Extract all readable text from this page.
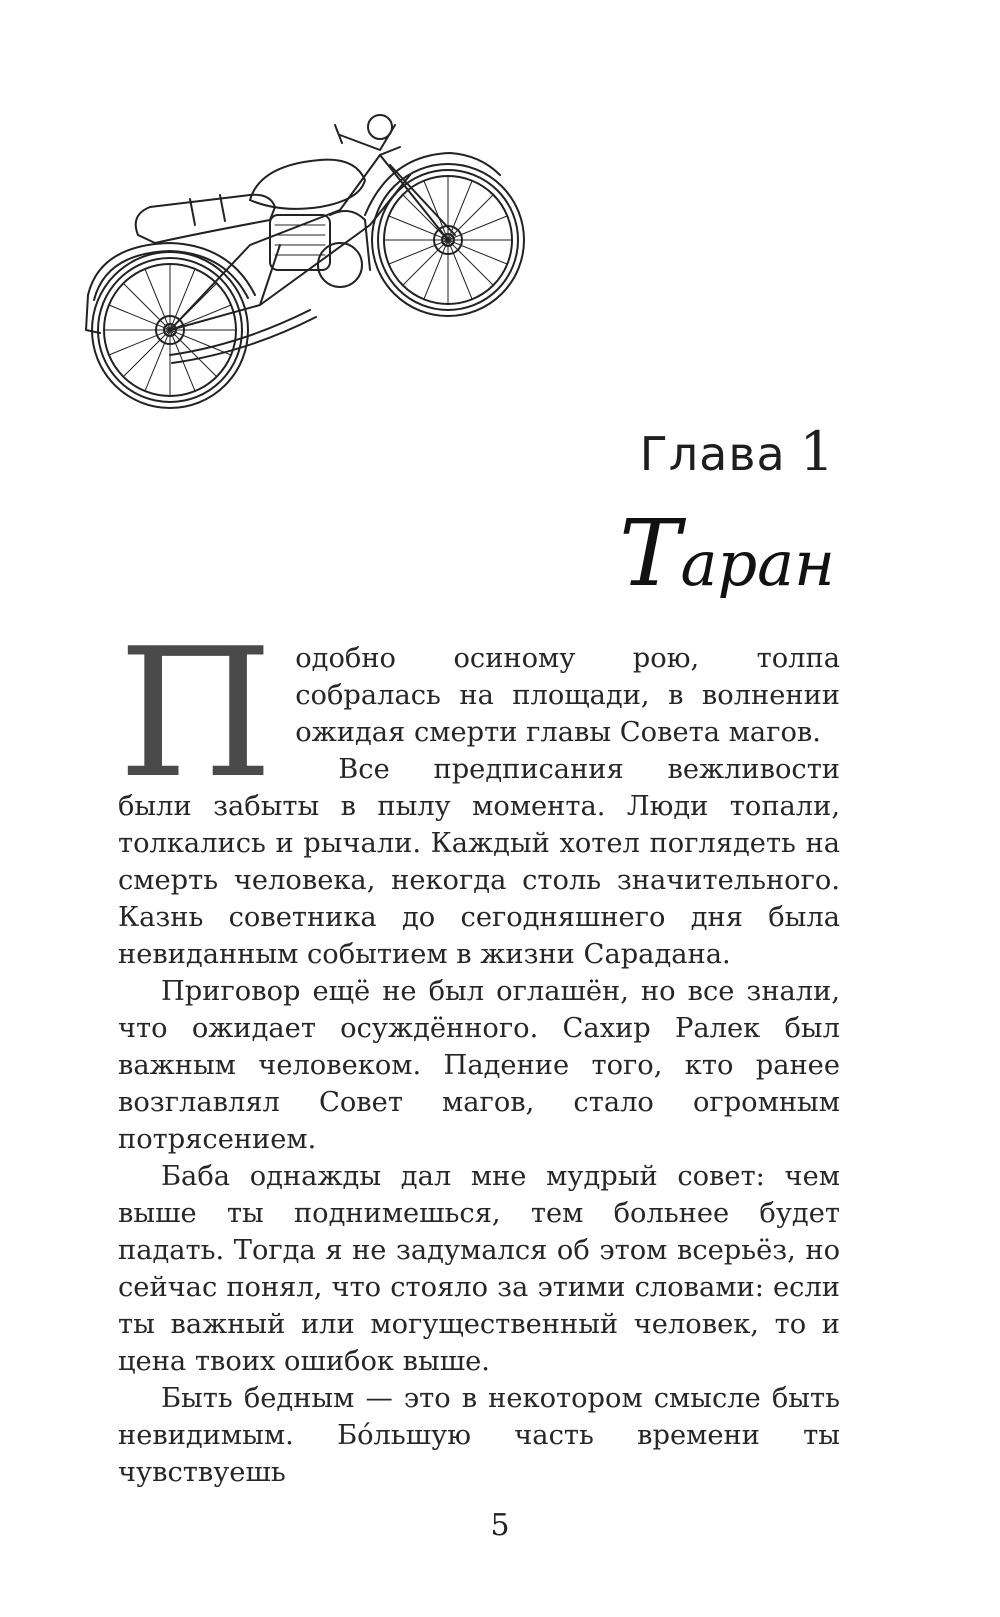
Глава 1
Таран

Подобно осиному рою, толпа собралась на площади, в волнении ожидая смерти главы Совета магов.

Все предписания вежливости были забыты в пылу момента. Люди топали, толкались и рычали. Каждый хотел поглядеть на смерть человека, некогда столь значительного. Казнь советника до сегодняшнего дня была невиданным событием в жизни Сарадана.

Приговор ещё не был оглашён, но все знали, что ожидает осуждённого. Сахир Ралек был важным человеком. Падение того, кто ранее возглавлял Совет магов, стало огромным потрясением.

Баба однажды дал мне мудрый совет: чем выше ты поднимешься, тем больнее будет падать. Тогда я не задумался об этом всерьёз, но сейчас понял, что стояло за этими словами: если ты важный или могущественный человек, то и цена твоих ошибок выше.

Быть бедным — это в некотором смысле быть невидимым. Бóльшую часть времени ты чувствуешь

5
